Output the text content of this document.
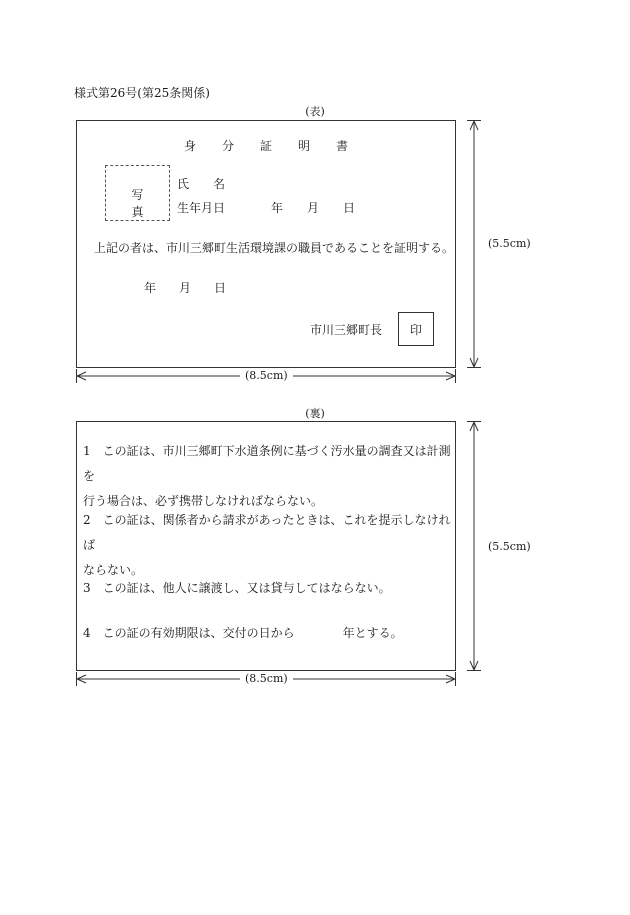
様式第26号(第25条関係)
(表)
身分証明書
写真
氏　　名
生年月日	年 月 日
上記の者は、市川三郷町生活環境課の職員であることを証明する。
年 月 日
市川三郷町長	印
(8.5cm)
(5.5cm)
(裏)
1　 この証は、市川三郷町下水道条例に基づく汚水量の調査又は計測を
行う場合は、必ず携帯しなければならない。
2　 この証は、関係者から請求があったときは、これを提示しなければ
ならない。
3　 この証は、他人に譲渡し、又は貸与してはならない。
4　 この証の有効期限は、交付の日から　　　　年とする。
(8.5cm)
(5.5cm)
